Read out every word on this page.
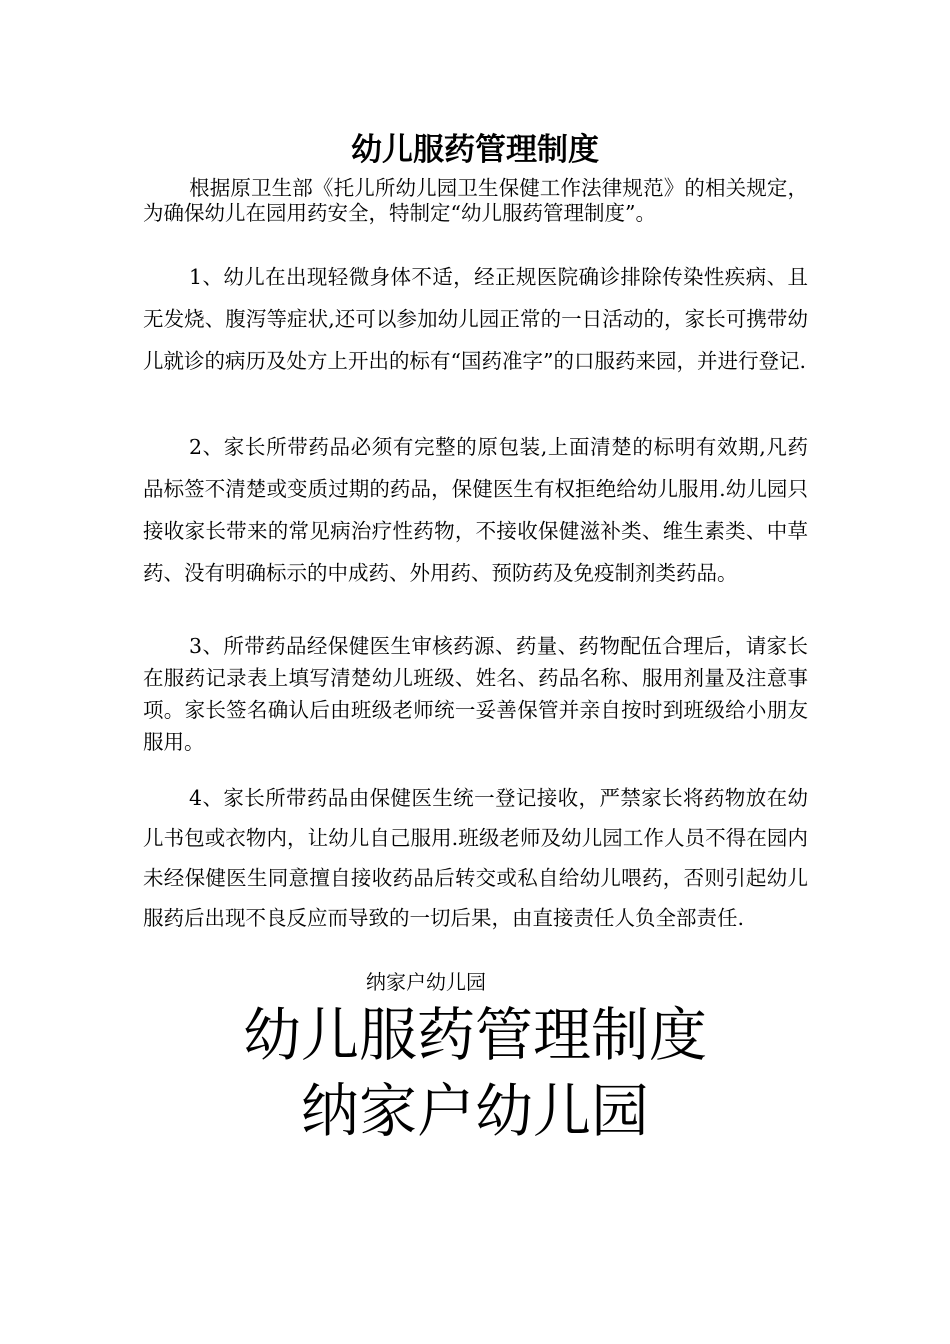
幼儿服药管理制度

根据原卫生部《托儿所幼儿园卫生保健工作法律规范》的相关规定，为确保幼儿在园用药安全，特制定“幼儿服药管理制度”。

1、幼儿在出现轻微身体不适，经正规医院确诊排除传染性疾病、且无发烧、腹泻等症状,还可以参加幼儿园正常的一日活动的，家长可携带幼儿就诊的病历及处方上开出的标有“国药准字”的口服药来园，并进行登记.

2、家长所带药品必须有完整的原包装,上面清楚的标明有效期,凡药品标签不清楚或变质过期的药品，保健医生有权拒绝给幼儿服用.幼儿园只接收家长带来的常见病治疗性药物，不接收保健滋补类、维生素类、中草药、没有明确标示的中成药、外用药、预防药及免疫制剂类药品。

3、所带药品经保健医生审核药源、药量、药物配伍合理后，请家长在服药记录表上填写清楚幼儿班级、姓名、药品名称、服用剂量及注意事项。家长签名确认后由班级老师统一妥善保管并亲自按时到班级给小朋友服用。

4、家长所带药品由保健医生统一登记接收，严禁家长将药物放在幼儿书包或衣物内，让幼儿自己服用.班级老师及幼儿园工作人员不得在园内未经保健医生同意擅自接收药品后转交或私自给幼儿喂药，否则引起幼儿服药后出现不良反应而导致的一切后果，由直接责任人负全部责任.

纳家户幼儿园

幼儿服药管理制度

纳家户幼儿园
